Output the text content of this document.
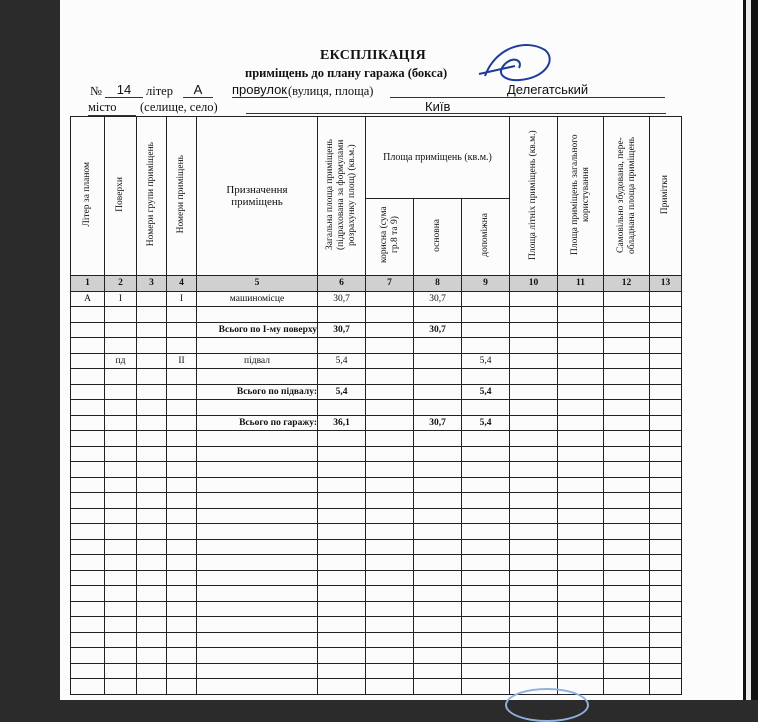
ЕКСПЛІКАЦІЯ
приміщень до плану гаража (бокса)
№	14	літер	А	провулок (вулиця, площа)	Делегатський
місто	(селище, село)	Київ
Літер за планом	Поверхи	Номери групи приміщень	Номери приміщень	Призначення приміщень	Загальна площа приміщень (підрахована за формулами розрахунку площ) (кв.м.)	Площа приміщень (кв.м.)			Площа літніх приміщень (кв.м.)	Площа приміщень загального користування	Самовільно збудована, пере-обладнана площа приміщень	Примітки
						корисна (сума гр.8 та 9)	основна	допоміжна				
1	2	3	4	5	6	7	8	9	10	11	12	13
А	І		І	машиномісце	30,7		30,7					

				Всього по І-му поверху	30,7		30,7					

	пд		ІІ	підвал	5,4			5,4				

				Всього по підвалу:	5,4			5,4				

				Всього по гаражу:	36,1		30,7	5,4				
